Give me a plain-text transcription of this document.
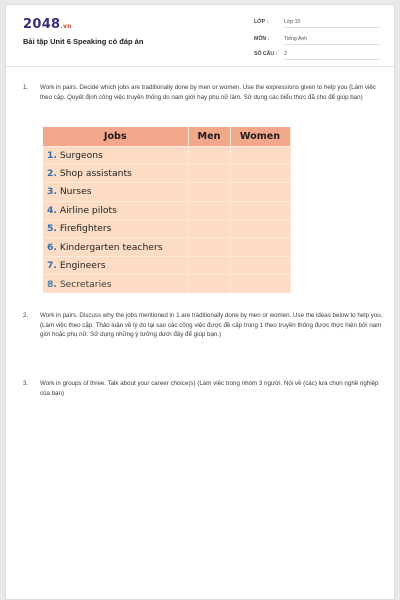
2048.vn
Bài tập Unit 6 Speaking có đáp án
LỚP :	Lớp 10
MÔN :	Tiếng Anh
SỐ CÂU : 3
1.	Work in pairs. Decide which jobs are traditionally done by men or women. Use the expressions given to help you (Làm việc theo cặp. Quyết định công việc truyền thống do nam giới hay phụ nữ làm. Sử dụng các biểu thức đã cho để giúp bạn)
Jobs	Men	Women
1. Surgeons		
2. Shop assistants		
3. Nurses		
4. Airline pilots		
5. Firefighters		
6. Kindergarten teachers		
7. Engineers		
8. Secretaries		
2.	Work in pairs. Discuss why the jobs mentioned in 1 are traditionally done by men or women. Use the ideas below to help you. (Làm việc theo cặp. Thảo luận về lý do tại sao các công việc được đề cập trong 1 theo truyền thống được thực hiện bởi nam giới hoặc phụ nữ. Sử dụng những ý tưởng dưới đây để giúp bạn.)
3.	Work in groups of three. Talk about your career choice(s) (Làm việc trong nhóm 3 người. Nói về (các) lựa chọn nghề nghiệp của bạn)
